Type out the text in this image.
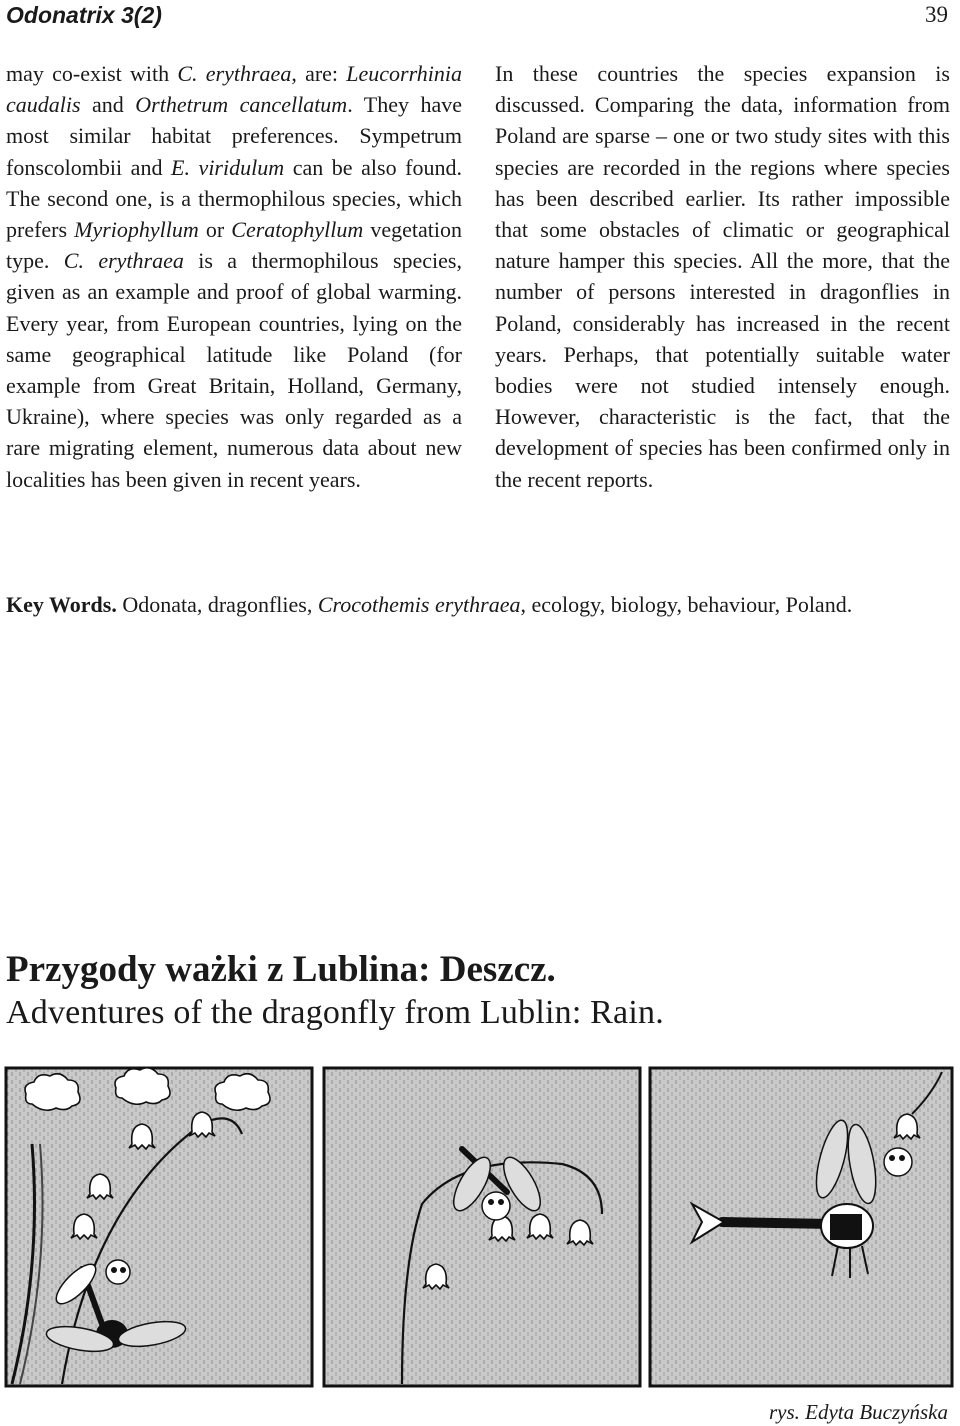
Odonatrix 3(2)	39
may co-exist with C. erythraea, are: Leucorrhinia caudalis and Orthetrum cancellatum. They have most similar habitat preferences. Sympetrum fonscolombii and E. viridulum can be also found. The second one, is a thermophilous species, which prefers Myriophyllum or Ceratophyllum vegetation type. C. erythraea is a thermophilous species, given as an example and proof of global warming. Every year, from European countries, lying on the same geographical latitude like Poland (for example from Great Britain, Holland, Germany, Ukraine), where species was only regarded as a rare migrating element, numerous data about new localities has been given in recent years.
In these countries the species expansion is discussed. Comparing the data, information from Poland are sparse – one or two study sites with this species are recorded in the regions where species has been described earlier. Its rather impossible that some obstacles of climatic or geographical nature hamper this species. All the more, that the number of persons interested in dragonflies in Poland, considerably has increased in the recent years. Perhaps, that potentially suitable water bodies were not studied intensely enough. However, characteristic is the fact, that the development of species has been confirmed only in the recent reports.
Key Words. Odonata, dragonflies, Crocothemis erythraea, ecology, biology, behaviour, Poland.
Przygody ważki z Lublina: Deszcz.
Adventures of the dragonfly from Lublin: Rain.
rys. Edyta Buczyńska
